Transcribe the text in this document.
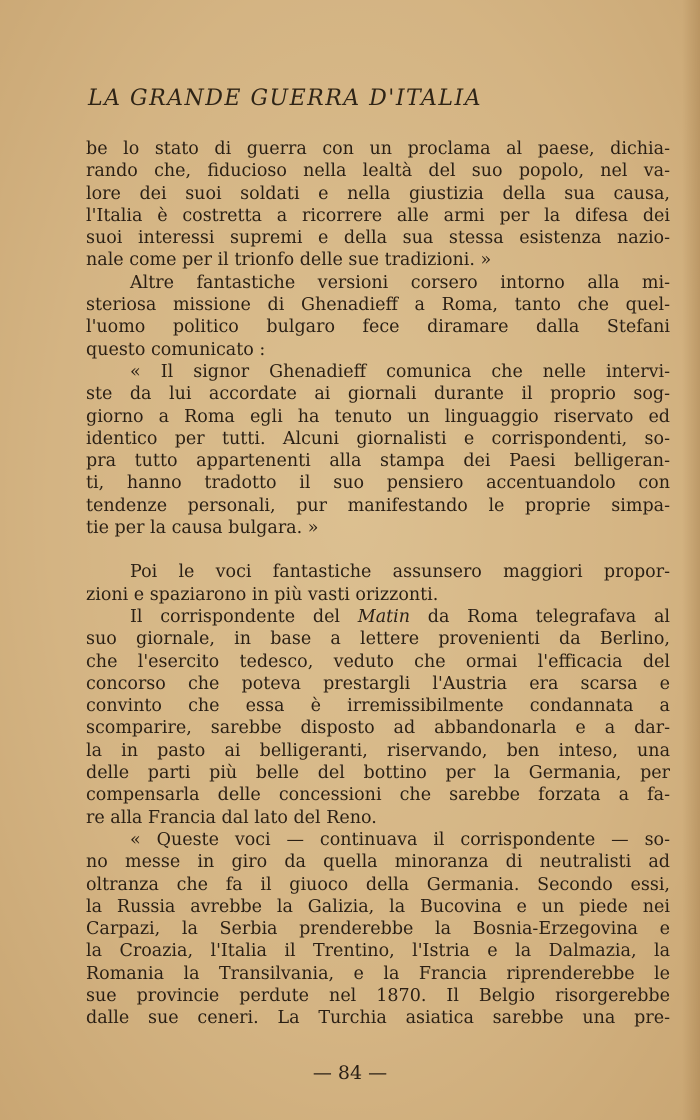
LA GRANDE GUERRA D'ITALIA
be lo stato di guerra con un proclama al paese, dichia-
rando che, fiducioso nella lealtà del suo popolo, nel va-
lore dei suoi soldati e nella giustizia della sua causa,
l'Italia è costretta a ricorrere alle armi per la difesa dei
suoi interessi supremi e della sua stessa esistenza nazio-
nale come per il trionfo delle sue tradizioni. »
Altre fantastiche versioni corsero intorno alla mi-
steriosa missione di Ghenadieff a Roma, tanto che quel-
l'uomo politico bulgaro fece diramare dalla Stefani
questo comunicato :
« Il signor Ghenadieff comunica che nelle intervi-
ste da lui accordate ai giornali durante il proprio sog-
giorno a Roma egli ha tenuto un linguaggio riservato ed
identico per tutti. Alcuni giornalisti e corrispondenti, so-
pra tutto appartenenti alla stampa dei Paesi belligeran-
ti, hanno tradotto il suo pensiero accentuandolo con
tendenze personali, pur manifestando le proprie simpa-
tie per la causa bulgara. »
Poi le voci fantastiche assunsero maggiori propor-
zioni e spaziarono in più vasti orizzonti.
Il corrispondente del Matin da Roma telegrafava al
suo giornale, in base a lettere provenienti da Berlino,
che l'esercito tedesco, veduto che ormai l'efficacia del
concorso che poteva prestargli l'Austria era scarsa e
convinto che essa è irremissibilmente condannata a
scomparire, sarebbe disposto ad abbandonarla e a dar-
la in pasto ai belligeranti, riservando, ben inteso, una
delle parti più belle del bottino per la Germania, per
compensarla delle concessioni che sarebbe forzata a fa-
re alla Francia dal lato del Reno.
« Queste voci — continuava il corrispondente — so-
no messe in giro da quella minoranza di neutralisti ad
oltranza che fa il giuoco della Germania. Secondo essi,
la Russia avrebbe la Galizia, la Bucovina e un piede nei
Carpazi, la Serbia prenderebbe la Bosnia-Erzegovina e
la Croazia, l'Italia il Trentino, l'Istria e la Dalmazia, la
Romania la Transilvania, e la Francia riprenderebbe le
sue provincie perdute nel 1870. Il Belgio risorgerebbe
dalle sue ceneri. La Turchia asiatica sarebbe una pre-
— 84 —
